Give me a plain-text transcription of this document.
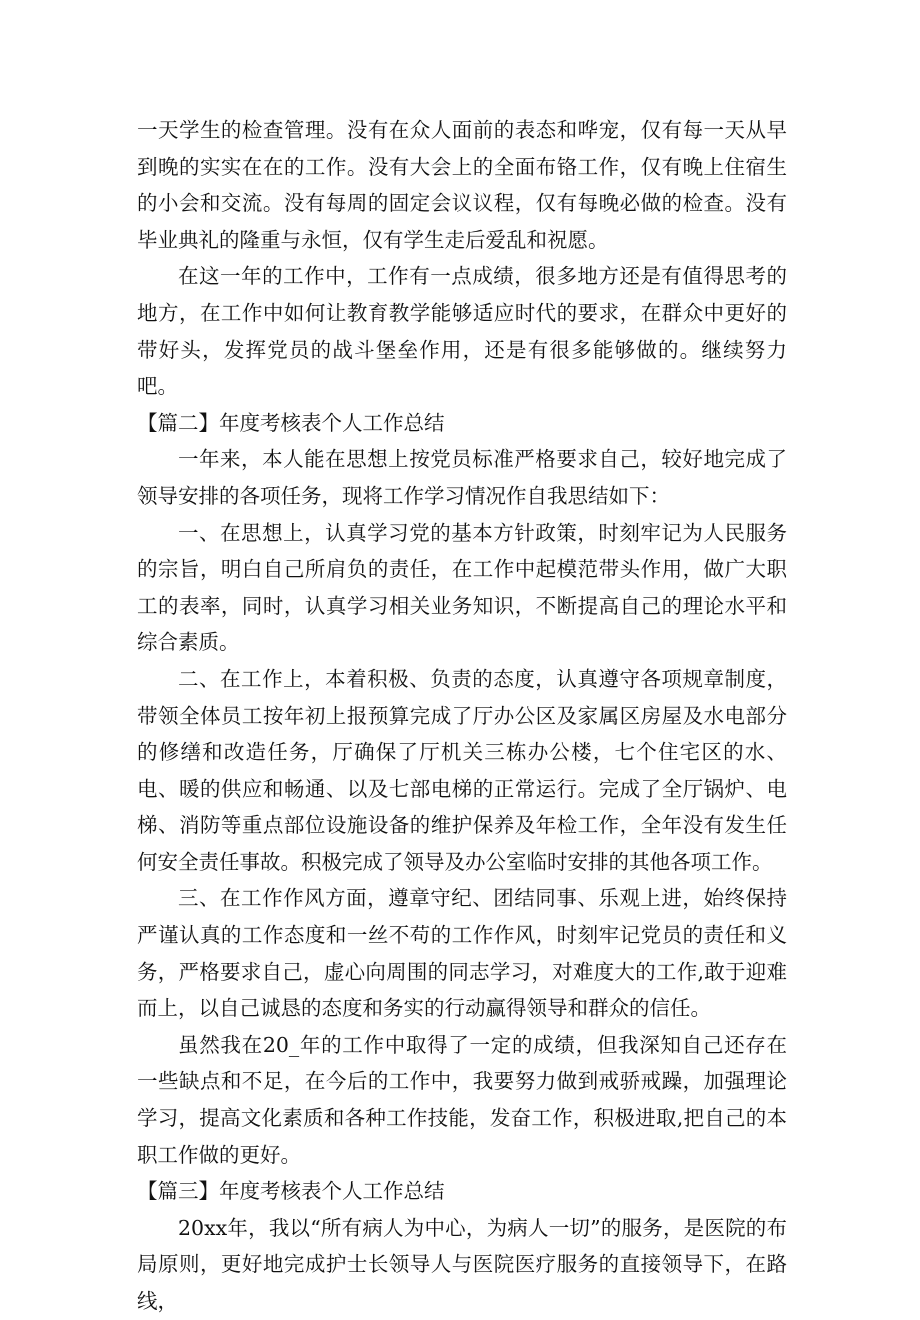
一天学生的检查管理。没有在众人面前的表态和哗宠，仅有每一天从早到晚的实实在在的工作。没有大会上的全面布铬工作，仅有晚上住宿生的小会和交流。没有每周的固定会议议程，仅有每晚必做的检查。没有毕业典礼的隆重与永恒，仅有学生走后爱乱和祝愿。

在这一年的工作中，工作有一点成绩，很多地方还是有值得思考的地方，在工作中如何让教育教学能够适应时代的要求，在群众中更好的带好头，发挥党员的战斗堡垒作用，还是有很多能够做的。继续努力吧。

【篇二】年度考核表个人工作总结

一年来，本人能在思想上按党员标准严格要求自己，较好地完成了领导安排的各项任务，现将工作学习情况作自我思结如下：

一、在思想上，认真学习党的基本方针政策，时刻牢记为人民服务的宗旨，明白自己所肩负的责任，在工作中起模范带头作用，做广大职工的表率，同时，认真学习相关业务知识，不断提高自己的理论水平和综合素质。

二、在工作上，本着积极、负责的态度，认真遵守各项规章制度，带领全体员工按年初上报预算完成了厅办公区及家属区房屋及水电部分的修缮和改造任务，厅确保了厅机关三栋办公楼，七个住宅区的水、电、暖的供应和畅通、以及七部电梯的正常运行。完成了全厅锅炉、电梯、消防等重点部位设施设备的维护保养及年检工作，全年没有发生任何安全责任事故。积极完成了领导及办公室临时安排的其他各项工作。

三、在工作作风方面，遵章守纪、团结同事、乐观上进，始终保持严谨认真的工作态度和一丝不苟的工作作风，时刻牢记党员的责任和义务，严格要求自己，虚心向周围的同志学习，对难度大的工作,敢于迎难而上，以自己诚恳的态度和务实的行动赢得领导和群众的信任。

虽然我在20_年的工作中取得了一定的成绩，但我深知自己还存在一些缺点和不足，在今后的工作中，我要努力做到戒骄戒躁，加强理论学习，提高文化素质和各种工作技能，发奋工作，积极进取,把自己的本职工作做的更好。

【篇三】年度考核表个人工作总结

20xx年，我以“所有病人为中心，为病人一切”的服务，是医院的布局原则，更好地完成护士长领导人与医院医疗服务的直接领导下，在路线，
